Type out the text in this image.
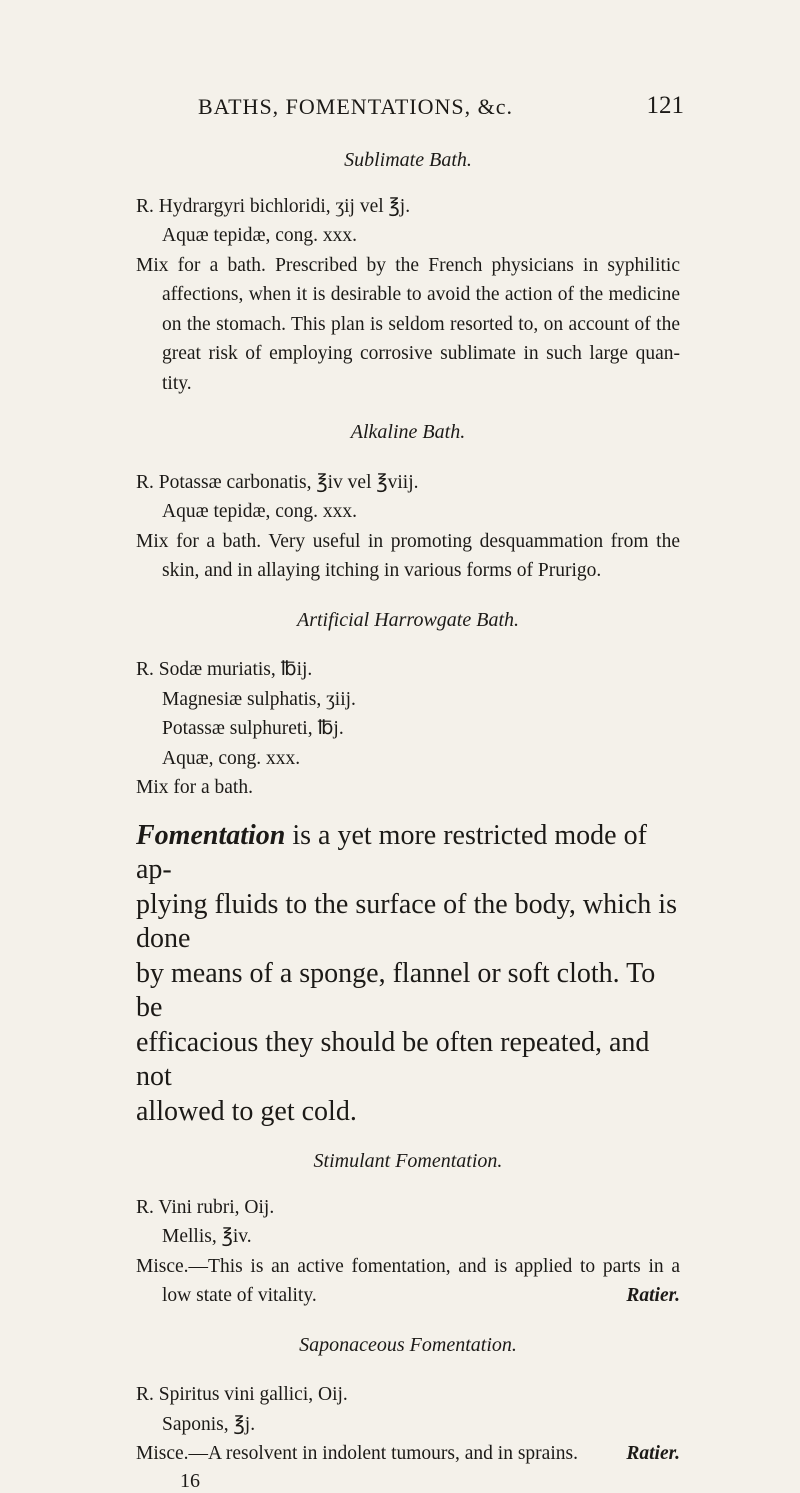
BATHS, FOMENTATIONS, &c.	121
Sublimate Bath.
R. Hydrargyri bichloridi, ʒij vel ℥j.
Aquæ tepidæ, cong. xxx.
Mix for a bath. Prescribed by the French physicians in syphilitic
affections, when it is desirable to avoid the action of the medicine
on the stomach. This plan is seldom resorted to, on account of the
great risk of employing corrosive sublimate in such large quan-
tity.
Alkaline Bath.
R. Potassæ carbonatis, ℥iv vel ℥viij.
Aquæ tepidæ, cong. xxx.
Mix for a bath. Very useful in promoting desquammation from the
skin, and in allaying itching in various forms of Prurigo.
Artificial Harrowgate Bath.
R. Sodæ muriatis, ℔ij.
Magnesiæ sulphatis, ʒiij.
Potassæ sulphureti, ℔j.
Aquæ, cong. xxx.
Mix for a bath.
Fomentation is a yet more restricted mode of ap-
plying fluids to the surface of the body, which is done
by means of a sponge, flannel or soft cloth. To be
efficacious they should be often repeated, and not
allowed to get cold.
Stimulant Fomentation.
R. Vini rubri, Oij.
Mellis, ℥iv.
Misce.—This is an active fomentation, and is applied to parts in a
low state of vitality.	Ratier.
Saponaceous Fomentation.
R. Spiritus vini gallici, Oij.
Saponis, ℥j.
Misce.—A resolvent in indolent tumours, and in sprains. Ratier.
16
